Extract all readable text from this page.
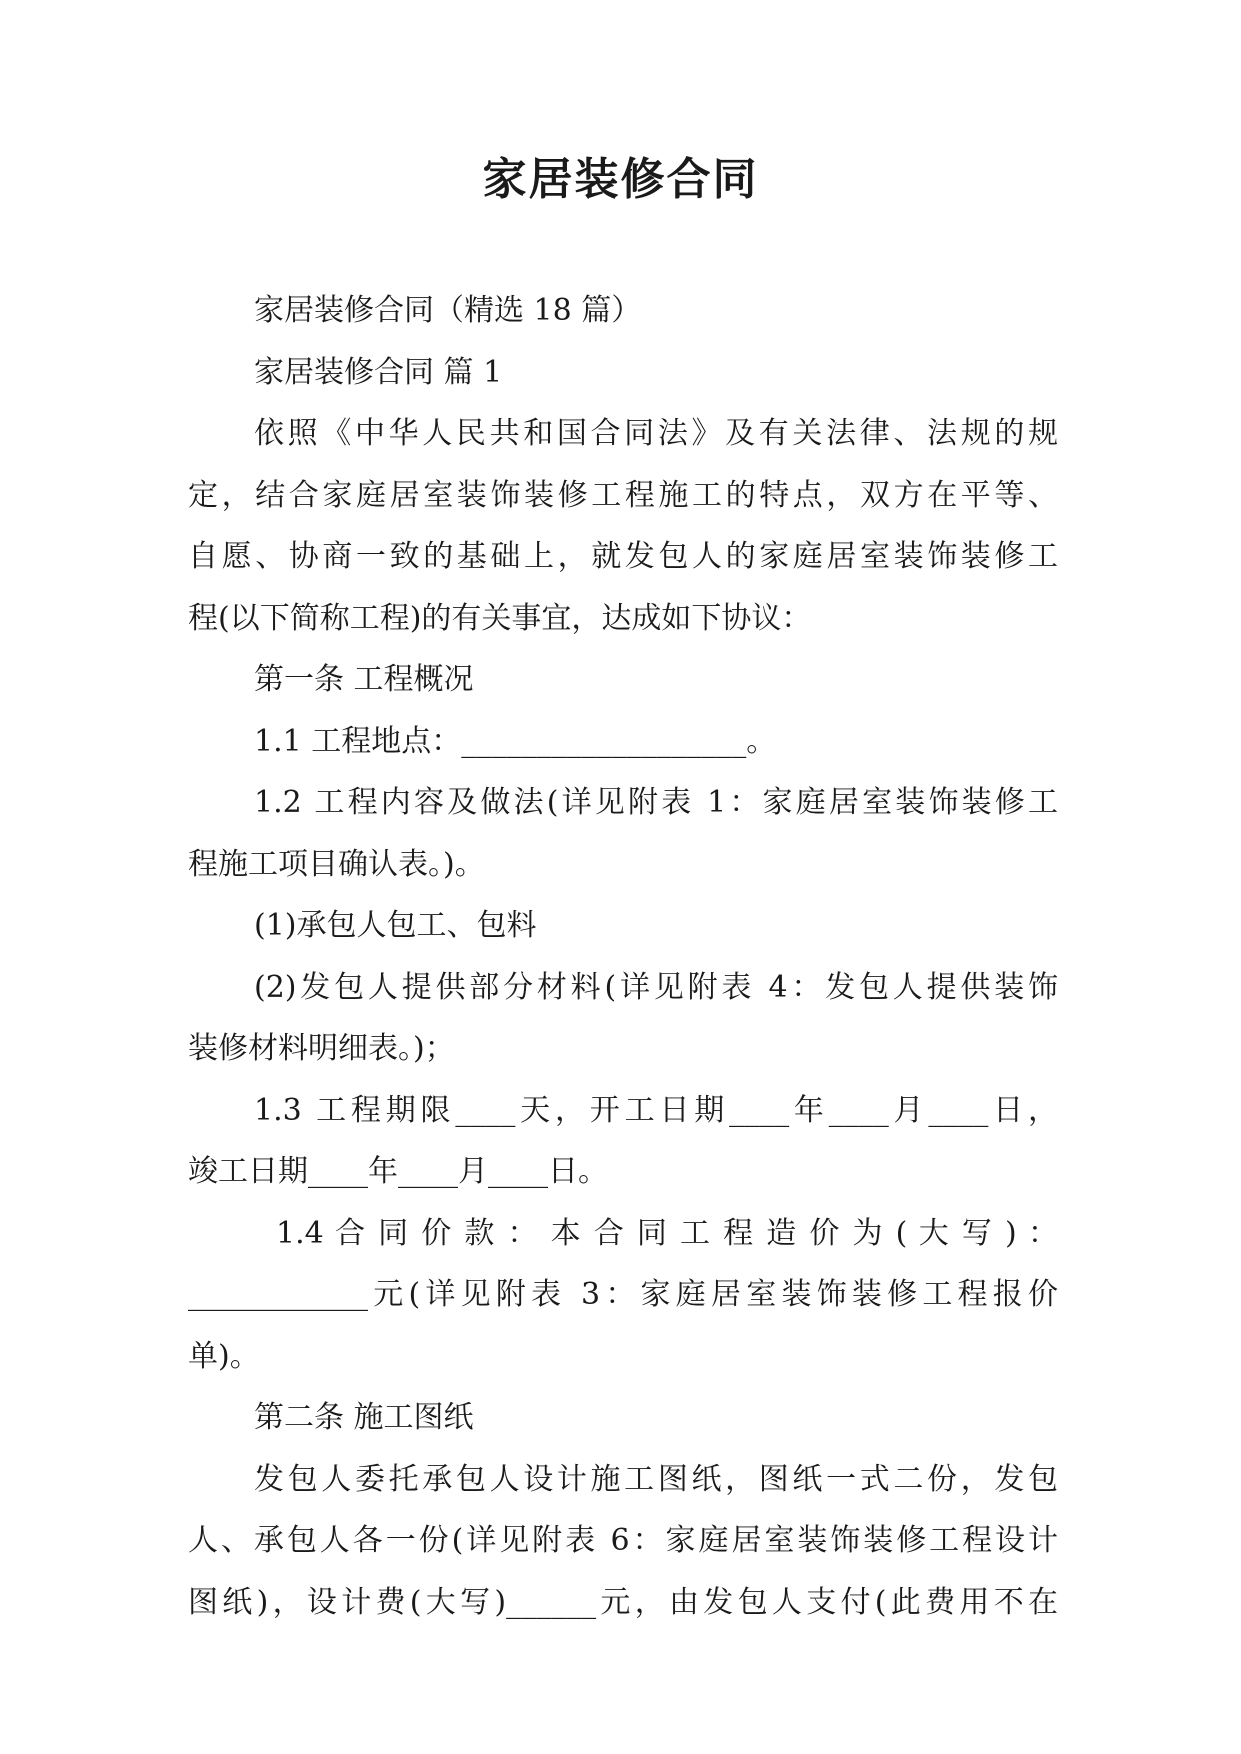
家居装修合同
家居装修合同（精选 18 篇）
家居装修合同 篇 1
依照《中华人民共和国合同法》及有关法律、法规的规
定，结合家庭居室装饰装修工程施工的特点，双方在平等、
自愿、协商一致的基础上，就发包人的家庭居室装饰装修工
程(以下简称工程)的有关事宜，达成如下协议：
第一条 工程概况
1.1 工程地点：___________________。
1.2 工程内容及做法(详见附表 1：家庭居室装饰装修工
程施工项目确认表。)。
(1)承包人包工、包料
(2)发包人提供部分材料(详见附表 4：发包人提供装饰
装修材料明细表。)；
1.3 工程期限____天，开工日期____年____月____日，
竣工日期____年____月____日。
1.4 合 同 价 款 ： 本 合 同 工 程 造 价 为 ( 大 写 ) ：
____________元(详见附表 3：家庭居室装饰装修工程报价
单)。
第二条 施工图纸
发包人委托承包人设计施工图纸，图纸一式二份，发包
人、承包人各一份(详见附表 6：家庭居室装饰装修工程设计
图纸)，设计费(大写)______元，由发包人支付(此费用不在
